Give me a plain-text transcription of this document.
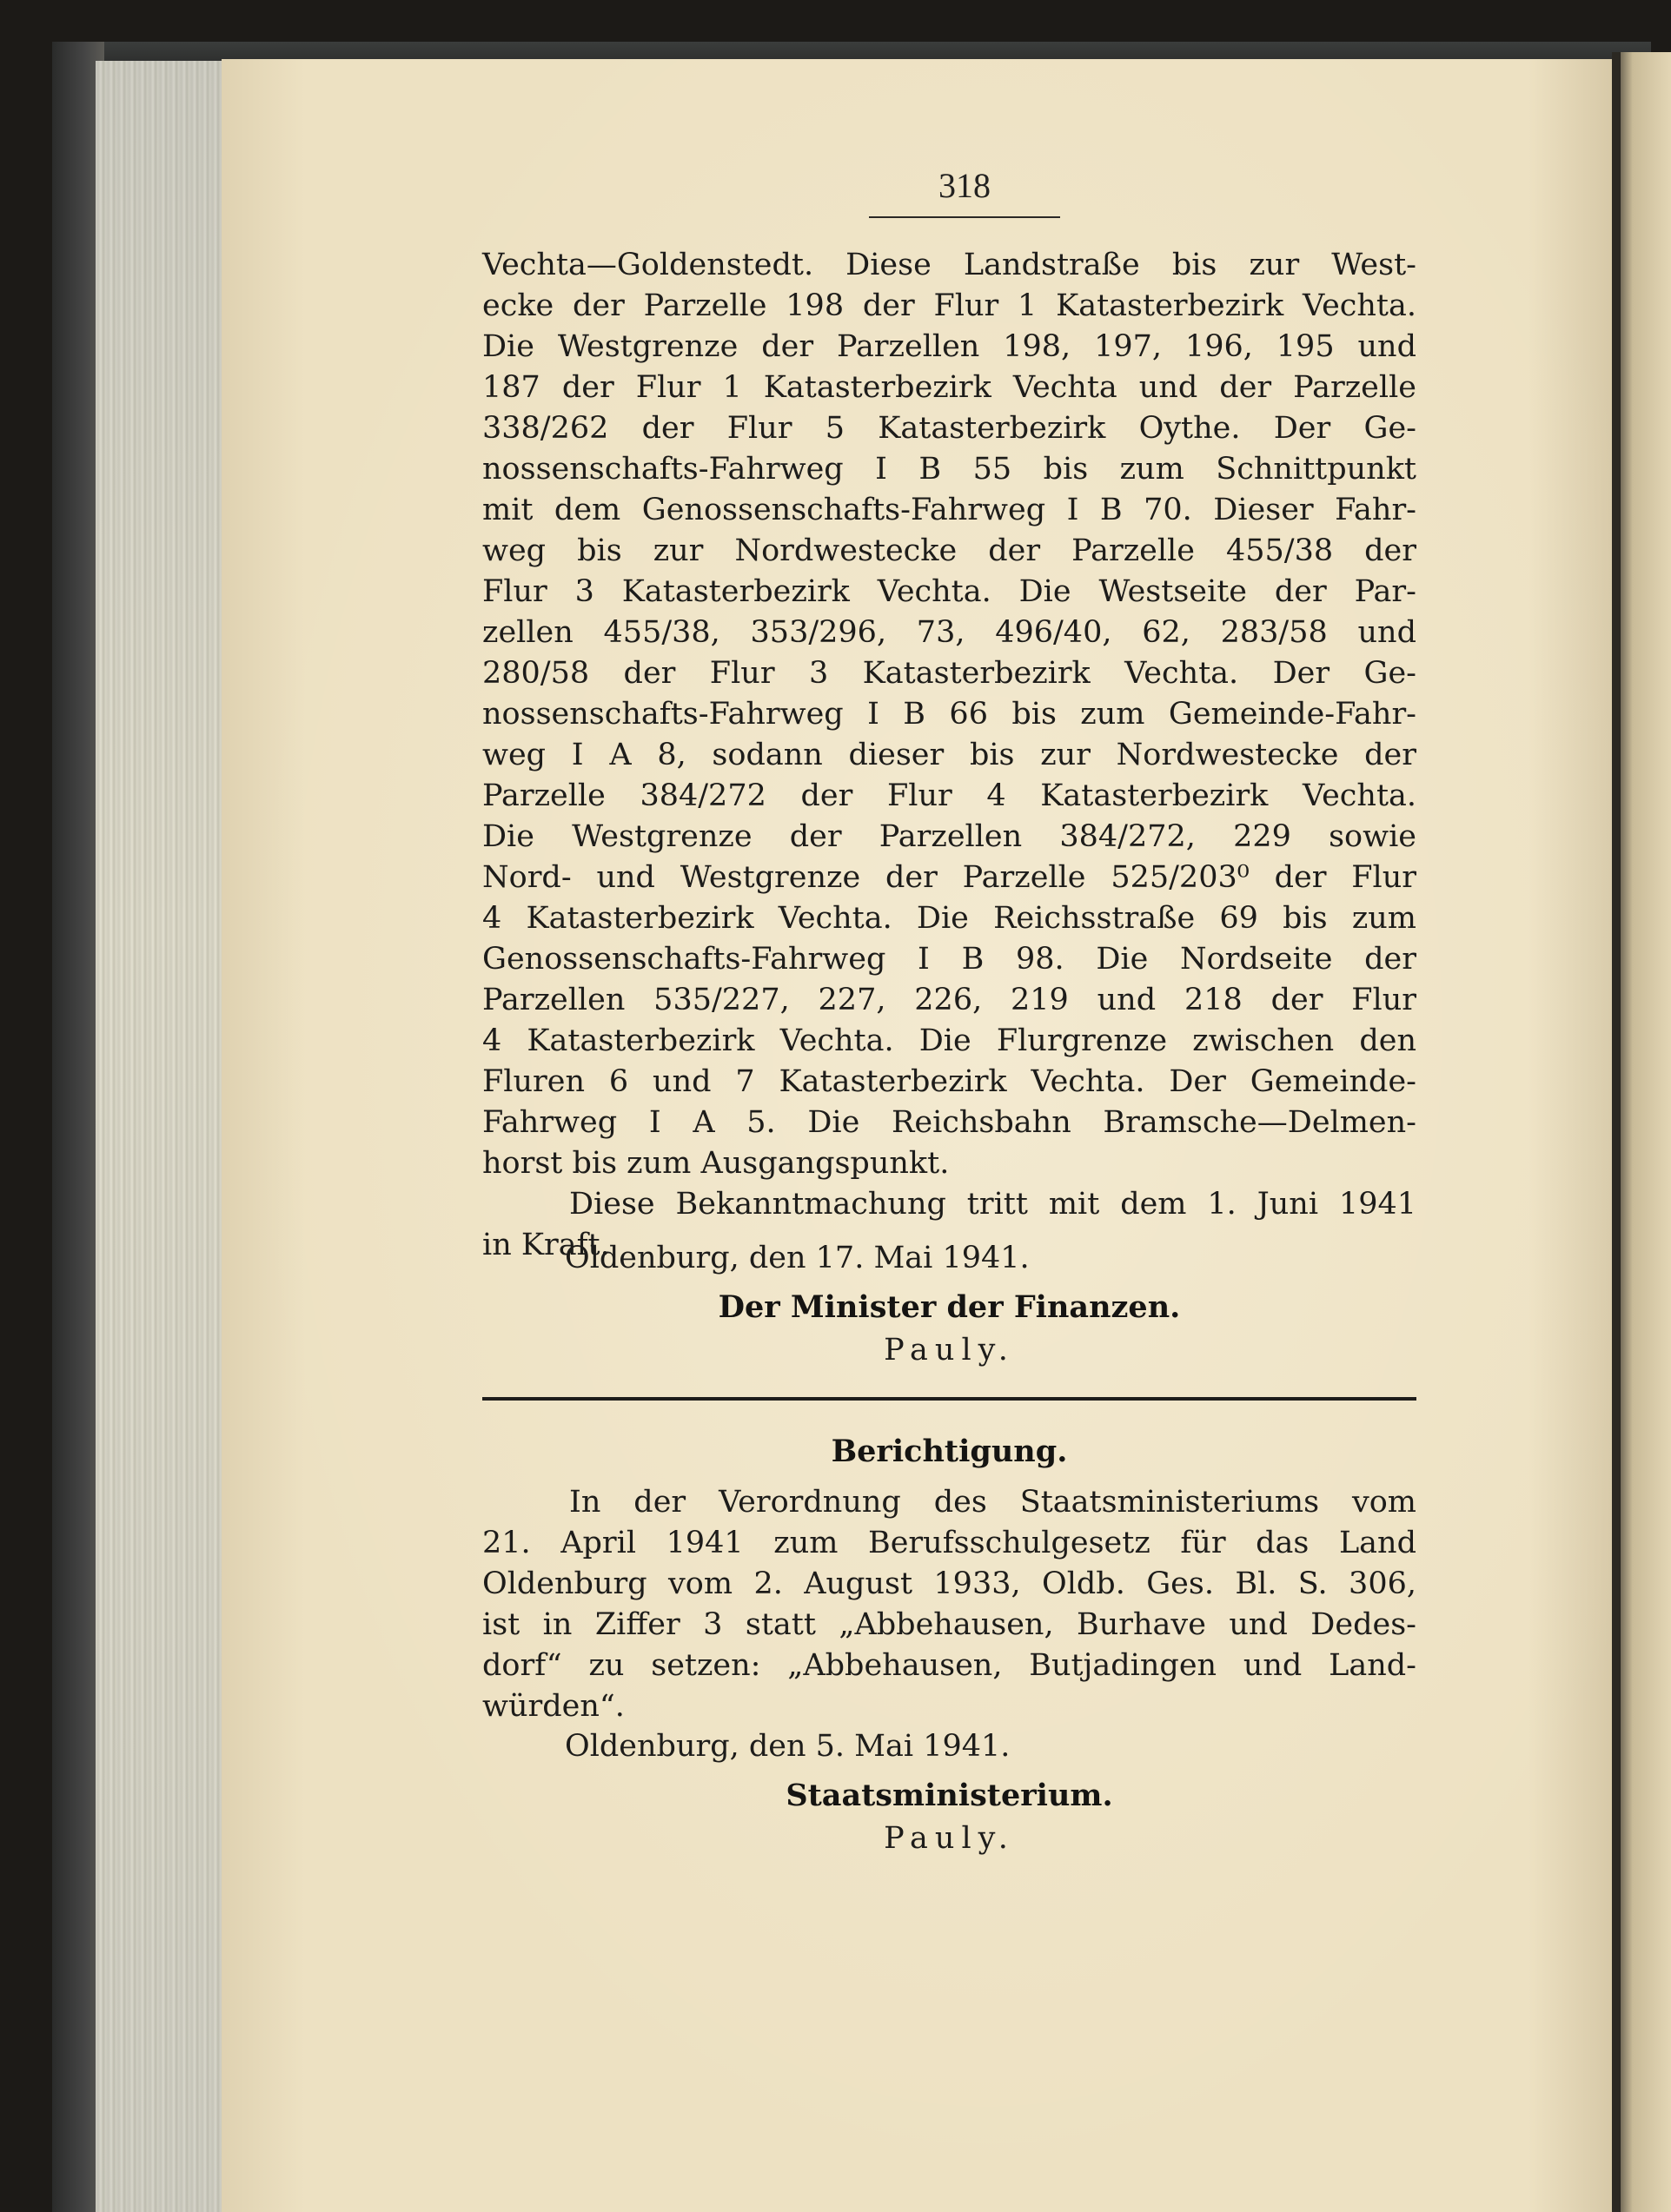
318
Vechta—Goldenstedt. Diese Landstraße bis zur West-
ecke der Parzelle 198 der Flur 1 Katasterbezirk Vechta.
Die Westgrenze der Parzellen 198, 197, 196, 195 und
187 der Flur 1 Katasterbezirk Vechta und der Parzelle
338/262 der Flur 5 Katasterbezirk Oythe. Der Ge-
nossenschafts-Fahrweg I B 55 bis zum Schnittpunkt
mit dem Genossenschafts-Fahrweg I B 70. Dieser Fahr-
weg bis zur Nordwestecke der Parzelle 455/38 der
Flur 3 Katasterbezirk Vechta. Die Westseite der Par-
zellen 455/38, 353/296, 73, 496/40, 62, 283/58 und
280/58 der Flur 3 Katasterbezirk Vechta. Der Ge-
nossenschafts-Fahrweg I B 66 bis zum Gemeinde-Fahr-
weg I A 8, sodann dieser bis zur Nordwestecke der
Parzelle 384/272 der Flur 4 Katasterbezirk Vechta.
Die Westgrenze der Parzellen 384/272, 229 sowie
Nord- und Westgrenze der Parzelle 525/203⁰ der Flur
4 Katasterbezirk Vechta. Die Reichsstraße 69 bis zum
Genossenschafts-Fahrweg I B 98. Die Nordseite der
Parzellen 535/227, 227, 226, 219 und 218 der Flur
4 Katasterbezirk Vechta. Die Flurgrenze zwischen den
Fluren 6 und 7 Katasterbezirk Vechta. Der Gemeinde-
Fahrweg I A 5. Die Reichsbahn Bramsche—Delmen-
horst bis zum Ausgangspunkt.
Diese Bekanntmachung tritt mit dem 1. Juni 1941
in Kraft.
Oldenburg, den 17. Mai 1941.
Der Minister der Finanzen.
Pauly.
Berichtigung.
In der Verordnung des Staatsministeriums vom
21. April 1941 zum Berufsschulgesetz für das Land
Oldenburg vom 2. August 1933, Oldb. Ges. Bl. S. 306,
ist in Ziffer 3 statt „Abbehausen, Burhave und Dedes-
dorf“ zu setzen: „Abbehausen, Butjadingen und Land-
würden“.
Oldenburg, den 5. Mai 1941.
Staatsministerium.
Pauly.
